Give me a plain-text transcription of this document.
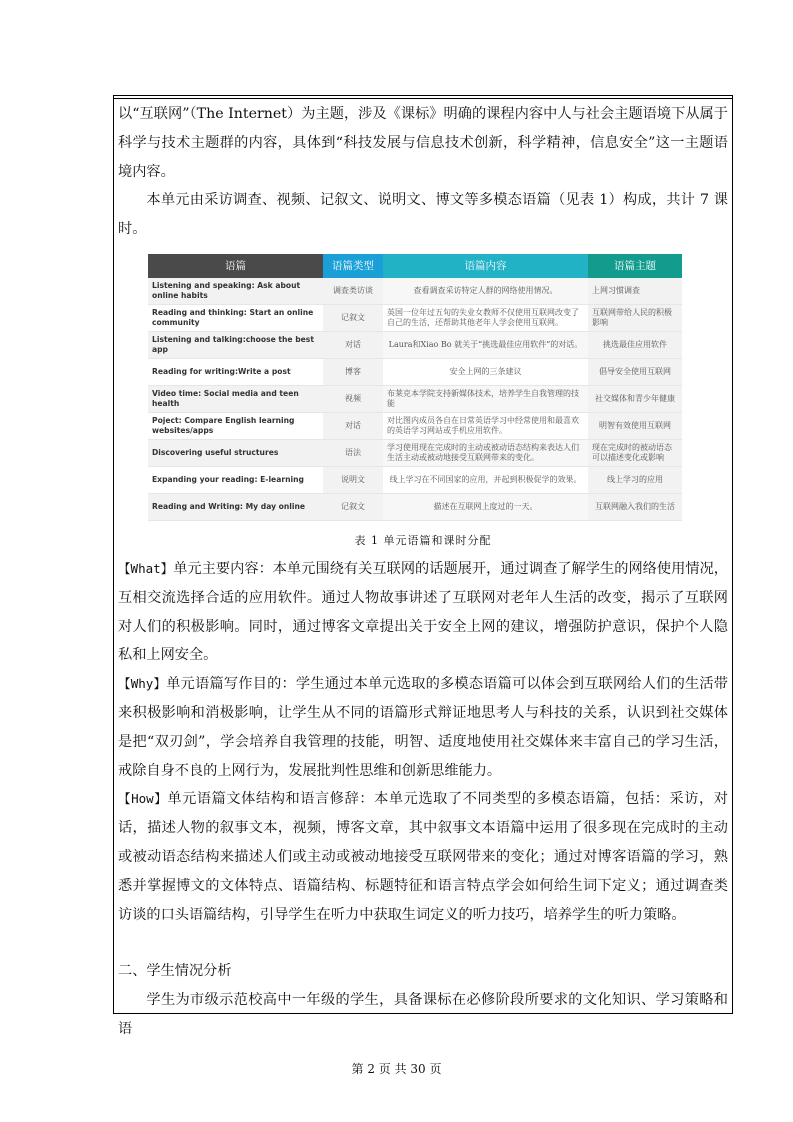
以“互联网”（The Internet）为主题，涉及《课标》明确的课程内容中人与社会主题语境下从属于科学与技术主题群的内容，具体到“科技发展与信息技术创新，科学精神，信息安全”这一主题语境内容。

本单元由采访调查、视频、记叙文、说明文、博文等多模态语篇（见表 1）构成，共计 7 课时。

语篇	语篇类型	语篇内容	语篇主题
Listening and speaking: Ask about online habits	调查类访谈	查看调查采访特定人群的网络使用情况。	上网习惯调查
Reading and thinking: Start an online community	记叙文	英国一位年过五旬的失业女教师不仅使用互联网改变了自己的生活，还帮助其他老年人学会使用互联网。	互联网带给人民的积极影响
Listening and talking:choose the best app	对话	Laura和Xiao Bo 就关于“挑选最佳应用软件”的对话。	挑选最佳应用软件
Reading for writing:Write a post	博客	安全上网的三条建议	倡导安全使用互联网
Video time: Social media and teen health	视频	布莱克本学院支持新媒体技术，培养学生自我管理的技能	社交媒体和青少年健康
Poject: Compare English learning websites/apps	对话	对比图内成员各自在日常英语学习中经常使用和最喜欢的英语学习网站或手机应用软件。	明智有效使用互联网
Discovering useful structures	语法	学习使用现在完成时的主动或被动语态结构来表达人们生活主动或被动地接受互联网带来的变化。	现在完成时的被动语态可以描述变化或影响
Expanding your reading: E-learning	说明文	线上学习在不同国家的应用，并起到积极促学的效果。	线上学习的应用
Reading and Writing: My day online	记叙文	描述在互联网上度过的一天。	互联网融入我们的生活
表 1 单元语篇和课时分配

【What】单元主要内容：本单元围绕有关互联网的话题展开，通过调查了解学生的网络使用情况，互相交流选择合适的应用软件。通过人物故事讲述了互联网对老年人生活的改变，揭示了互联网对人们的积极影响。同时，通过博客文章提出关于安全上网的建议，增强防护意识，保护个人隐私和上网安全。

【Why】单元语篇写作目的：学生通过本单元选取的多模态语篇可以体会到互联网给人们的生活带来积极影响和消极影响，让学生从不同的语篇形式辩证地思考人与科技的关系，认识到社交媒体是把“双刃剑”，学会培养自我管理的技能，明智、适度地使用社交媒体来丰富自己的学习生活，戒除自身不良的上网行为，发展批判性思维和创新思维能力。

【How】单元语篇文体结构和语言修辞：本单元选取了不同类型的多模态语篇，包括：采访，对话，描述人物的叙事文本，视频，博客文章，其中叙事文本语篇中运用了很多现在完成时的主动或被动语态结构来描述人们或主动或被动地接受互联网带来的变化；通过对博客语篇的学习，熟悉并掌握博文的文体特点、语篇结构、标题特征和语言特点学会如何给生词下定义；通过调查类访谈的口头语篇结构，引导学生在听力中获取生词定义的听力技巧，培养学生的听力策略。

二、学生情况分析

学生为市级示范校高中一年级的学生，具备课标在必修阶段所要求的文化知识、学习策略和语

第 2 页 共 30 页
